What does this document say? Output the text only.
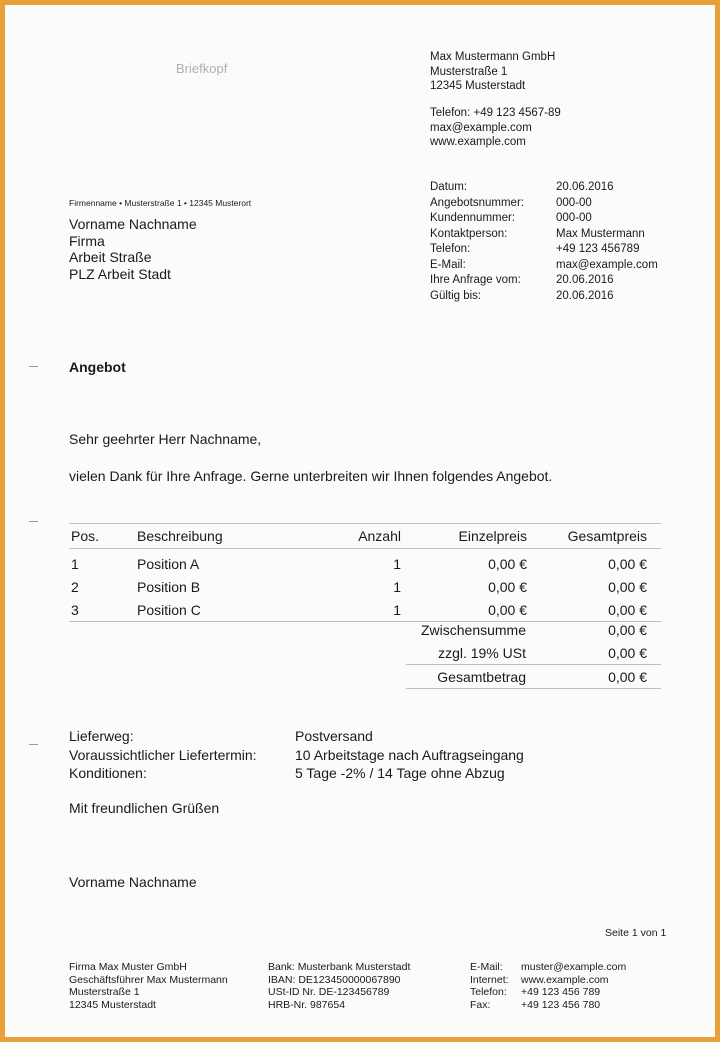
Briefkopf
Max Mustermann GmbH
Musterstraße 1
12345 Musterstadt
Telefon: +49 123 4567-89
max@example.com
www.example.com
Firmenname • Musterstraße 1 • 12345 Musterort
Vorname Nachname
Firma
Arbeit Straße
PLZ Arbeit Stadt
Datum:	20.06.2016
Angebotsnummer:	000-00
Kundennummer:	000-00
Kontaktperson:	Max Mustermann
Telefon:	+49 123 456789
E-Mail:	max@example.com
Ihre Anfrage vom:	20.06.2016
Gültig bis:	20.06.2016
Angebot
Sehr geehrter Herr Nachname,
vielen Dank für Ihre Anfrage. Gerne unterbreiten wir Ihnen folgendes Angebot.
Pos.	Beschreibung	Anzahl	Einzelpreis	Gesamtpreis
1	Position A	1	0,00 €	0,00 €
2	Position B	1	0,00 €	0,00 €
3	Position C	1	0,00 €	0,00 €
Zwischensumme	0,00 €
zzgl. 19% USt	0,00 €
Gesamtbetrag	0,00 €
Lieferweg:	Postversand
Voraussichtlicher Liefertermin:	10 Arbeitstage nach Auftragseingang
Konditionen:	5 Tage -2% / 14 Tage ohne Abzug
Mit freundlichen Grüßen
Vorname Nachname
Seite 1 von 1
Firma Max Muster GmbH
Geschäftsführer Max Mustermann
Musterstraße 1
12345 Musterstadt
Bank: Musterbank Musterstadt
IBAN: DE123450000067890
USt-ID Nr. DE-123456789
HRB-Nr. 987654
E-Mail:	muster@example.com
Internet:	www.example.com
Telefon:	+49 123 456 789
Fax:	+49 123 456 780
